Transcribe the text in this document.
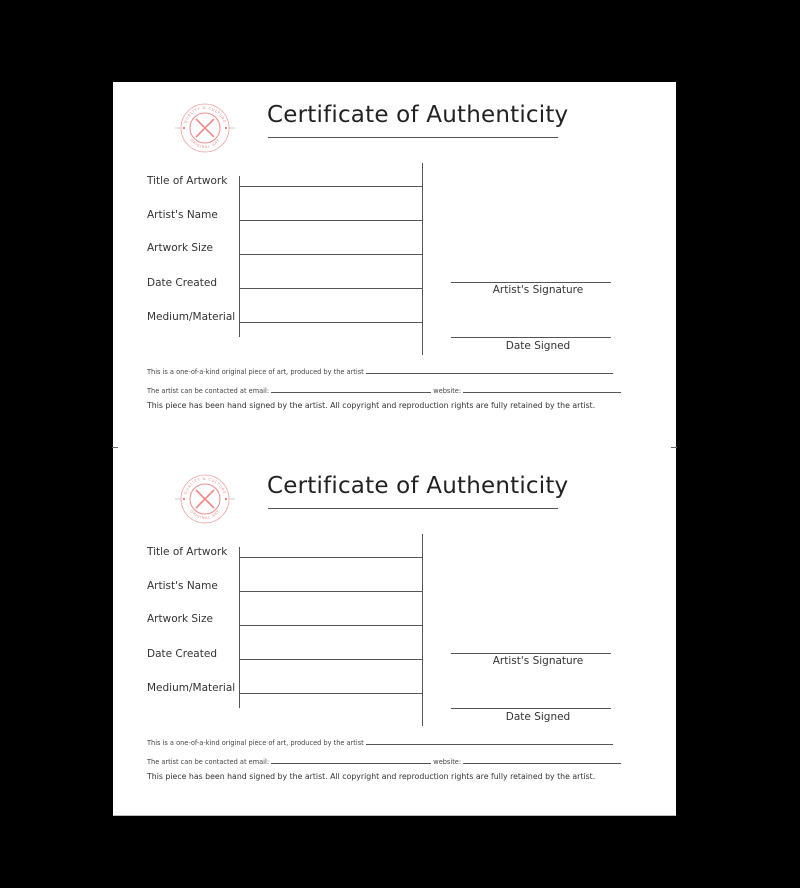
QUALITY & CULTURE
ORIGINAL ART
Certificate of Authenticity
Title of Artwork
Artist's Name
Artwork Size
Date Created
Medium/Material
Artist's Signature
Date Signed
This is a one-of-a-kind original piece of art, produced by the artist
The artist can be contacted at email:	website:
This piece has been hand signed by the artist. All copyright and reproduction rights are fully retained by the artist.
QUALITY & CULTURE
ORIGINAL ART
Certificate of Authenticity
Title of Artwork
Artist's Name
Artwork Size
Date Created
Medium/Material
Artist's Signature
Date Signed
This is a one-of-a-kind original piece of art, produced by the artist
The artist can be contacted at email:	website:
This piece has been hand signed by the artist. All copyright and reproduction rights are fully retained by the artist.
